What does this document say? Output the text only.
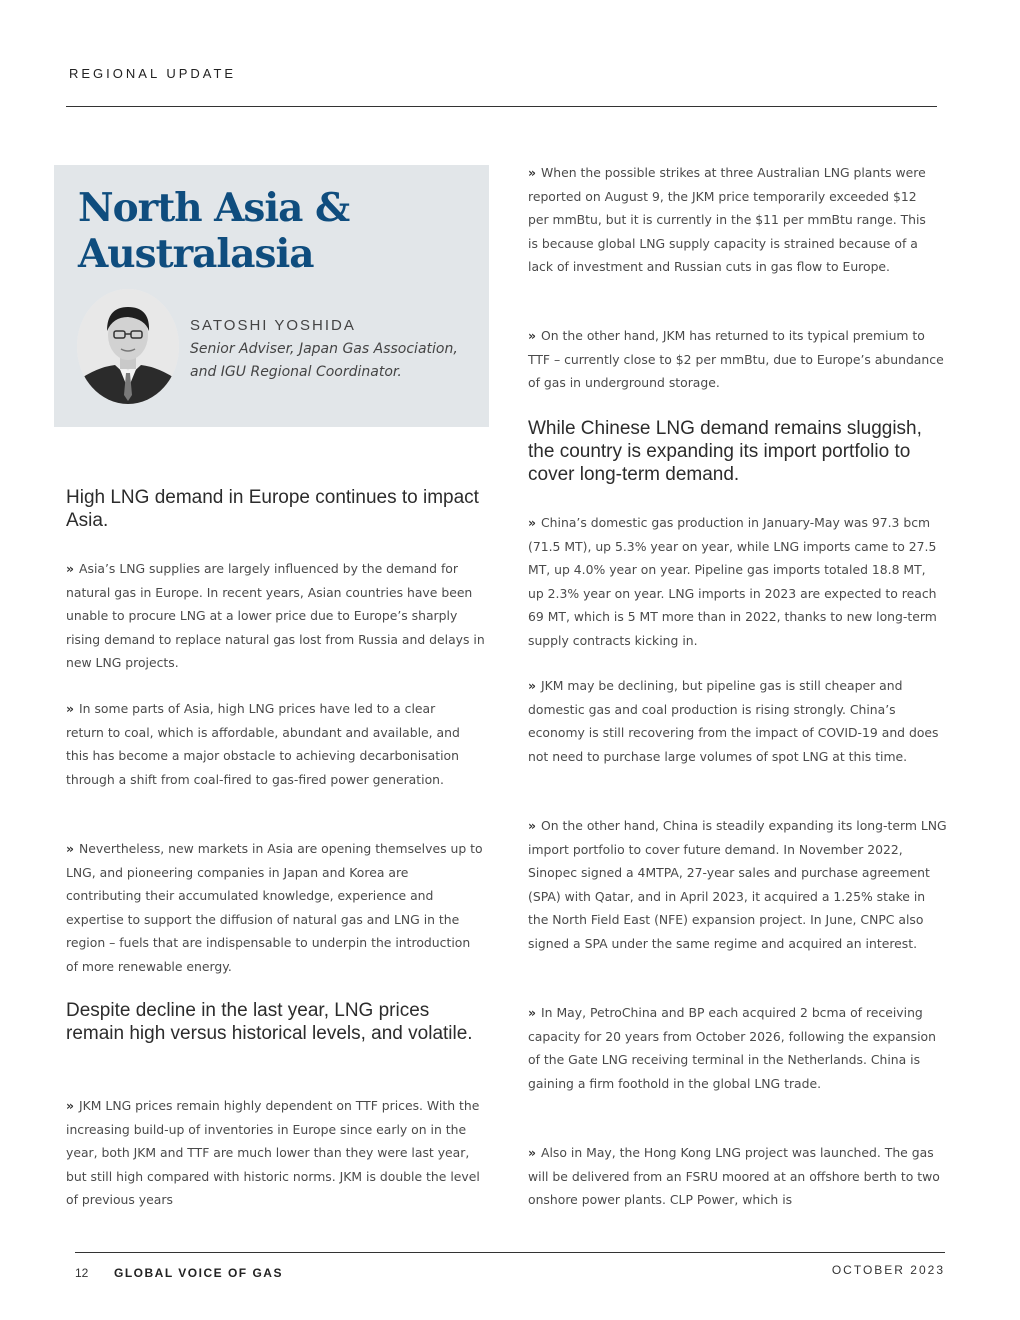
REGIONAL UPDATE
North Asia & Australasia
SATOSHI YOSHIDA
Senior Adviser, Japan Gas Association, and IGU Regional Coordinator.
High LNG demand in Europe continues to impact Asia.

» Asia’s LNG supplies are largely influenced by the demand for natural gas in Europe. In recent years, Asian countries have been unable to procure LNG at a lower price due to Europe’s sharply rising demand to replace natural gas lost from Russia and delays in new LNG projects.

» In some parts of Asia, high LNG prices have led to a clear return to coal, which is affordable, abundant and available, and this has become a major obstacle to achieving decarbonisation through a shift from coal-fired to gas-fired power generation.

» Nevertheless, new markets in Asia are opening themselves up to LNG, and pioneering companies in Japan and Korea are contributing their accumulated knowledge, experience and expertise to support the diffusion of natural gas and LNG in the region – fuels that are indispensable to underpin the introduction of more renewable energy.

Despite decline in the last year, LNG prices remain high versus historical levels, and volatile.

» JKM LNG prices remain highly dependent on TTF prices. With the increasing build-up of inventories in Europe since early on in the year, both JKM and TTF are much lower than they were last year, but still high compared with historic norms. JKM is double the level of previous years

» When the possible strikes at three Australian LNG plants were reported on August 9, the JKM price temporarily exceeded $12 per mmBtu, but it is currently in the $11 per mmBtu range. This is because global LNG supply capacity is strained because of a lack of investment and Russian cuts in gas flow to Europe.

» On the other hand, JKM has returned to its typical premium to TTF – currently close to $2 per mmBtu, due to Europe’s abundance of gas in underground storage.

While Chinese LNG demand remains sluggish, the country is expanding its import portfolio to cover long-term demand.

» China’s domestic gas production in January-May was 97.3 bcm (71.5 MT), up 5.3% year on year, while LNG imports came to 27.5 MT, up 4.0% year on year. Pipeline gas imports totaled 18.8 MT, up 2.3% year on year. LNG imports in 2023 are expected to reach 69 MT, which is 5 MT more than in 2022, thanks to new long-term supply contracts kicking in.

» JKM may be declining, but pipeline gas is still cheaper and domestic gas and coal production is rising strongly. China’s economy is still recovering from the impact of COVID-19 and does not need to purchase large volumes of spot LNG at this time.

» On the other hand, China is steadily expanding its long-term LNG import portfolio to cover future demand. In November 2022, Sinopec signed a 4MTPA, 27-year sales and purchase agreement (SPA) with Qatar, and in April 2023, it acquired a 1.25% stake in the North Field East (NFE) expansion project. In June, CNPC also signed a SPA under the same regime and acquired an interest.

» In May, PetroChina and BP each acquired 2 bcma of receiving capacity for 20 years from October 2026, following the expansion of the Gate LNG receiving terminal in the Netherlands. China is gaining a firm foothold in the global LNG trade.

» Also in May, the Hong Kong LNG project was launched. The gas will be delivered from an FSRU moored at an offshore berth to two onshore power plants. CLP Power, which is

12 GLOBAL VOICE OF GAS	OCTOBER 2023
